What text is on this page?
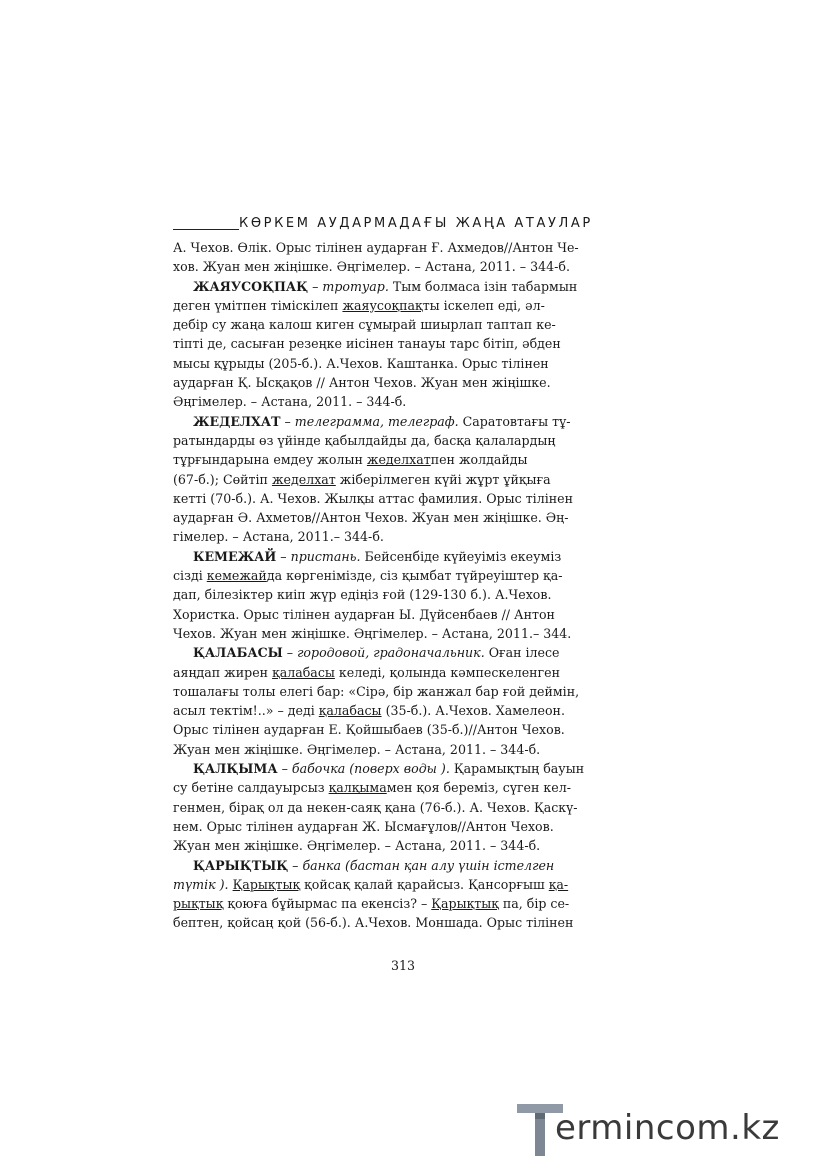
КӨРКЕМ АУДАРМАДАҒЫ ЖАҢА АТАУЛАР
А. Чехов. Өлік. Орыс тілінен аударған Ғ. Ахмедов//Антон Че-
хов. Жуан мен жіңішке. Әңгімелер. – Астана, 2011. – 344-б.
ЖАЯУСОҚПАҚ – тротуар. Тым болмаса ізін табармын
деген үмітпен тіміскілеп жаяусоқпақты іскелеп еді, әл-
дебір су жаңа калош киген сұмырай шиырлап таптап ке-
тіпті де, сасыған резеңке иісінен танауы тарс бітіп, әбден
мысы құрыды (205-б.). А.Чехов. Каштанка. Орыс тілінен
аударған Қ. Ысқақов // Антон Чехов. Жуан мен жіңішке.
Әңгімелер. – Астана, 2011. – 344-б.
ЖЕДЕЛХАТ – телеграмма, телеграф. Саратовтағы тұ-
ратындарды өз үйінде қабылдайды да, басқа қалалардың
тұрғындарына емдеу жолын жеделхатпен жолдайды
(67-б.); Сөйтіп жеделхат жіберілмеген күйі жұрт ұйқыға
кетті (70-б.). А. Чехов. Жылқы аттас фамилия. Орыс тілінен
аударған Ә. Ахметов//Антон Чехов. Жуан мен жіңішке. Әң-
гімелер. – Астана, 2011.– 344-б.
КЕМЕЖАЙ – пристань. Бейсенбіде күйеуіміз екеуміз
сізді кемежайда көргенімізде, сіз қымбат түйреуіштер қа-
дап, білезіктер киіп жүр едіңіз ғой (129-130 б.). А.Чехов.
Хористка. Орыс тілінен аударған Ы. Дүйсенбаев // Антон
Чехов. Жуан мен жіңішке. Әңгімелер. – Астана, 2011.– 344.
ҚАЛАБАСЫ – городовой, градоначальник. Оған ілесе
аяңдап жирен қалабасы келеді, қолында кәмпескеленген
тошалағы толы елегі бар: «Сірә, бір жанжал бар ғой деймін,
асыл тектім!..» – деді қалабасы (35-б.). А.Чехов. Хамелеон.
Орыс тілінен аударған Е. Қойшыбаев (35-б.)//Антон Чехов.
Жуан мен жіңішке. Әңгімелер. – Астана, 2011. – 344-б.
ҚАЛҚЫМА – бабочка (поверх воды ). Қарамықтың бауын
су бетіне салдауырсыз қалқымамен қоя береміз, сүген кел-
генмен, бірақ ол да некен-саяқ қана (76-б.). А. Чехов. Қаскү-
нем. Орыс тілінен аударған Ж. Ысмағұлов//Антон Чехов.
Жуан мен жіңішке. Әңгімелер. – Астана, 2011. – 344-б.
ҚАРЫҚТЫҚ – банка (бастан қан алу үшін істелген
түтік ). Қарықтық қойсақ қалай қарайсыз. Қансорғыш қа-
рықтық қоюға бұйырмас па екенсіз? – Қарықтық па, бір се-
бептен, қойсаң қой (56-б.). А.Чехов. Моншада. Орыс тілінен
313
ermincom.kz
